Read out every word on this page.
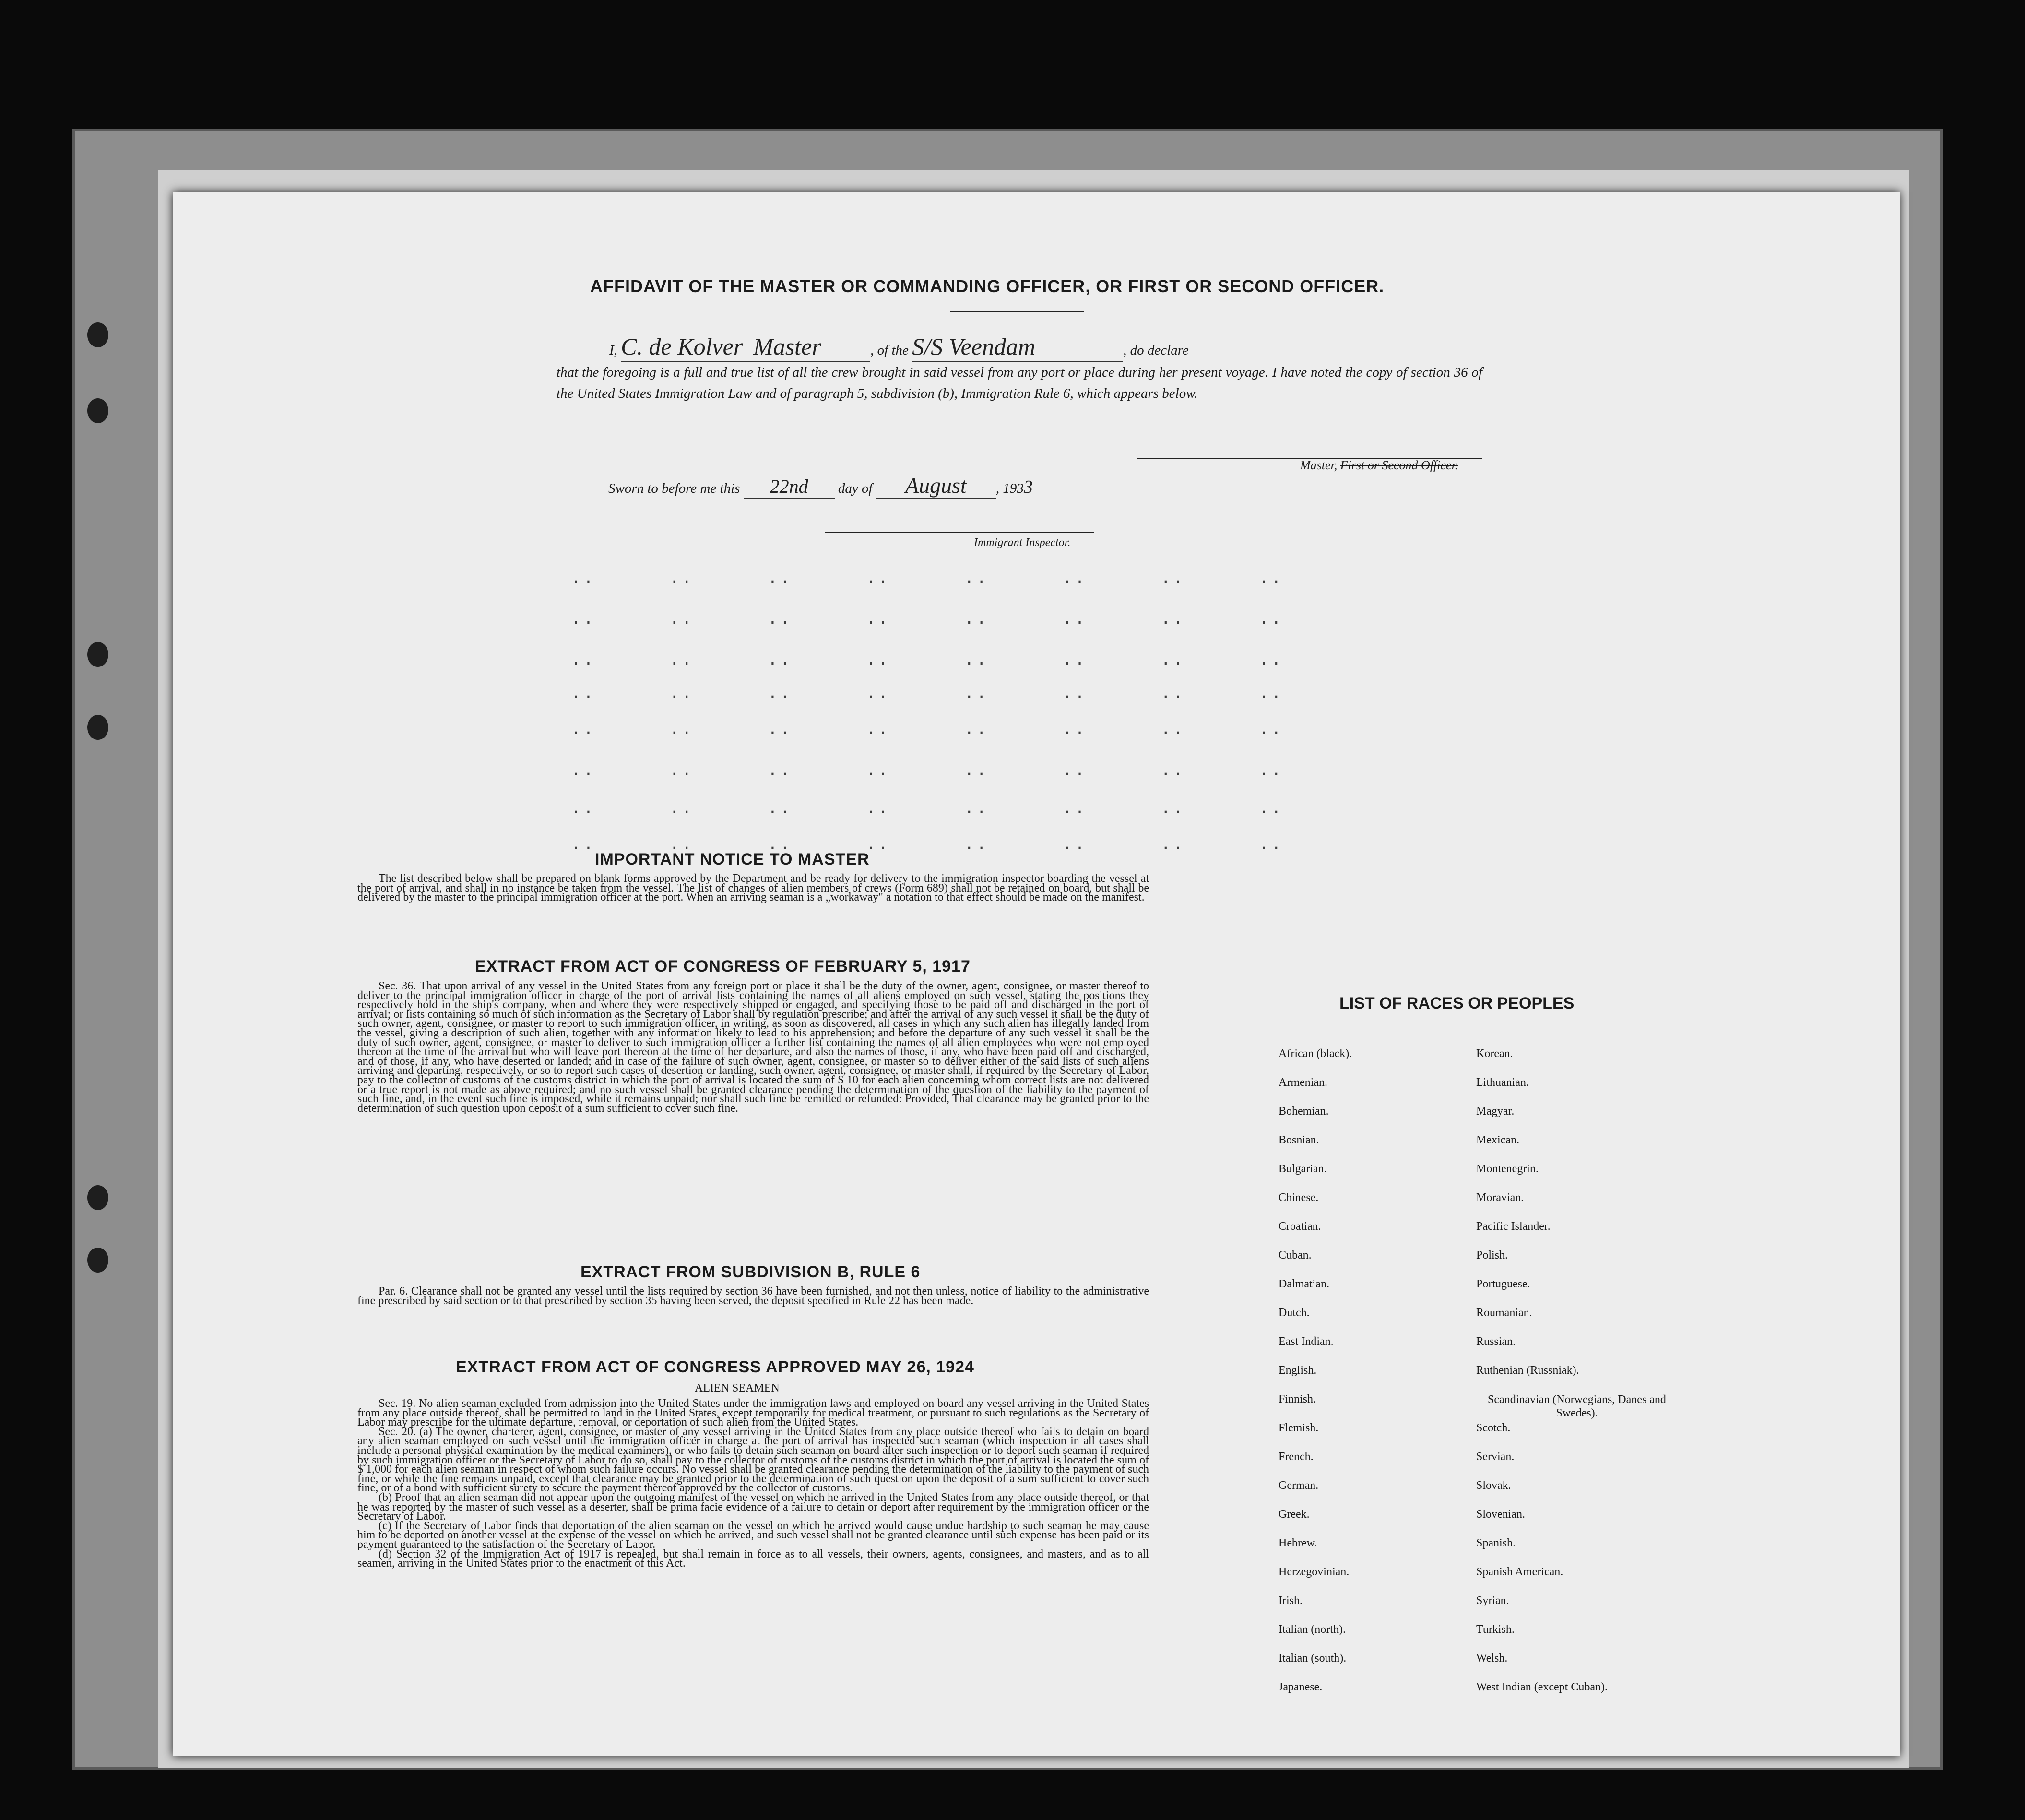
..      ..      ..      ..      ..      ..      ..      ..
..      ..      ..      ..      ..      ..      ..      ..
..      ..      ..      ..      ..      ..      ..      ..
..      ..      ..      ..      ..      ..      ..      ..
..      ..      ..      ..      ..      ..      ..      ..
..      ..      ..      ..      ..      ..      ..      ..
..      ..      ..      ..      ..      ..      ..      ..
..      ..      ..      ..      ..      ..      ..      ..
AFFIDAVIT OF THE MASTER OR COMMANDING OFFICER, OR FIRST OR SECOND OFFICER.
I, C. de Kolver Master	, of the S/S Veendam	, do declare
that the foregoing is a full and true list of all the crew brought in said vessel from any port or place during her present voyage. I have noted the copy of section 36 of the United States Immigration Law and of paragraph 5, subdivision (b), Immigration Rule 6, which appears below.
Master, First or Second Officer.
Sworn to before me this 22nd day of August , 1933
Immigrant Inspector.
IMPORTANT NOTICE TO MASTER

The list described below shall be prepared on blank forms approved by the Department and be ready for delivery to the immigration inspector boarding the vessel at the port of arrival, and shall in no instance be taken from the vessel. The list of changes of alien members of crews (Form 689) shall not be retained on board, but shall be delivered by the master to the principal immigration officer at the port. When an arriving seaman is a „workaway" a notation to that effect should be made on the manifest.

EXTRACT FROM ACT OF CONGRESS OF FEBRUARY 5, 1917

Sec. 36. That upon arrival of any vessel in the United States from any foreign port or place it shall be the duty of the owner, agent, consignee, or master thereof to deliver to the principal immigration officer in charge of the port of arrival lists containing the names of all aliens employed on such vessel, stating the positions they respectively hold in the ship's company, when and where they were respectively shipped or engaged, and specifying those to be paid off and discharged in the port of arrival; or lists containing so much of such information as the Secretary of Labor shall by regulation prescribe; and after the arrival of any such vessel it shall be the duty of such owner, agent, consignee, or master to report to such immigration officer, in writing, as soon as discovered, all cases in which any such alien has illegally landed from the vessel, giving a description of such alien, together with any information likely to lead to his apprehension; and before the departure of any such vessel it shall be the duty of such owner, agent, consignee, or master to deliver to such immigration officer a further list containing the names of all alien employees who were not employed thereon at the time of the arrival but who will leave port thereon at the time of her departure, and also the names of those, if any, who have been paid off and discharged, and of those, if any, who have deserted or landed; and in case of the failure of such owner, agent, consignee, or master so to deliver either of the said lists of such aliens arriving and departing, respectively, or so to report such cases of desertion or landing, such owner, agent, consignee, or master shall, if required by the Secretary of Labor, pay to the collector of customs of the customs district in which the port of arrival is located the sum of $ 10 for each alien concerning whom correct lists are not delivered or a true report is not made as above required; and no such vessel shall be granted clearance pending the determination of the question of the liability to the payment of such fine, and, in the event such fine is imposed, while it remains unpaid; nor shall such fine be remitted or refunded: Provided, That clearance may be granted prior to the determination of such question upon deposit of a sum sufficient to cover such fine.

EXTRACT FROM SUBDIVISION B, RULE 6

Par. 6. Clearance shall not be granted any vessel until the lists required by section 36 have been furnished, and not then unless, notice of liability to the administrative fine prescribed by said section or to that prescribed by section 35 having been served, the deposit specified in Rule 22 has been made.

EXTRACT FROM ACT OF CONGRESS APPROVED MAY 26, 1924
ALIEN SEAMEN

Sec. 19. No alien seaman excluded from admission into the United States under the immigration laws and employed on board any vessel arriving in the United States from any place outside thereof, shall be permitted to land in the United States, except temporarily for medical treatment, or pursuant to such regulations as the Secretary of Labor may prescribe for the ultimate departure, removal, or deportation of such alien from the United States.

Sec. 20. (a) The owner, charterer, agent, consignee, or master of any vessel arriving in the United States from any place outside thereof who fails to detain on board any alien seaman employed on such vessel until the immigration officer in charge at the port of arrival has inspected such seaman (which inspection in all cases shall include a personal physical examination by the medical examiners), or who fails to detain such seaman on board after such inspection or to deport such seaman if required by such immigration officer or the Secretary of Labor to do so, shall pay to the collector of customs of the customs district in which the port of arrival is located the sum of $ 1,000 for each alien seaman in respect of whom such failure occurs. No vessel shall be granted clearance pending the determination of the liability to the payment of such fine, or while the fine remains unpaid, except that clearance may be granted prior to the determination of such question upon the deposit of a sum sufficient to cover such fine, or of a bond with sufficient surety to secure the payment thereof approved by the collector of customs.

(b) Proof that an alien seaman did not appear upon the outgoing manifest of the vessel on which he arrived in the United States from any place outside thereof, or that he was reported by the master of such vessel as a deserter, shall be prima facie evidence of a failure to detain or deport after requirement by the immigration officer or the Secretary of Labor.

(c) If the Secretary of Labor finds that deportation of the alien seaman on the vessel on which he arrived would cause undue hardship to such seaman he may cause him to be deported on another vessel at the expense of the vessel on which he arrived, and such vessel shall not be granted clearance until such expense has been paid or its payment guaranteed to the satisfaction of the Secretary of Labor.

(d) Section 32 of the Immigration Act of 1917 is repealed, but shall remain in force as to all vessels, their owners, agents, consignees, and masters, and as to all seamen, arriving in the United States prior to the enactment of this Act.

LIST OF RACES OR PEOPLES
African (black).
Armenian.
Bohemian.
Bosnian.
Bulgarian.
Chinese.
Croatian.
Cuban.
Dalmatian.
Dutch.
East Indian.
English.
Finnish.
Flemish.
French.
German.
Greek.
Hebrew.
Herzegovinian.
Irish.
Italian (north).
Italian (south).
Japanese.
Korean.
Lithuanian.
Magyar.
Mexican.
Montenegrin.
Moravian.
Pacific Islander.
Polish.
Portuguese.
Roumanian.
Russian.
Ruthenian (Russniak).
Scandinavian (Norwegians, Danes and Swedes).
Scotch.
Servian.
Slovak.
Slovenian.
Spanish.
Spanish American.
Syrian.
Turkish.
Welsh.
West Indian (except Cuban).
